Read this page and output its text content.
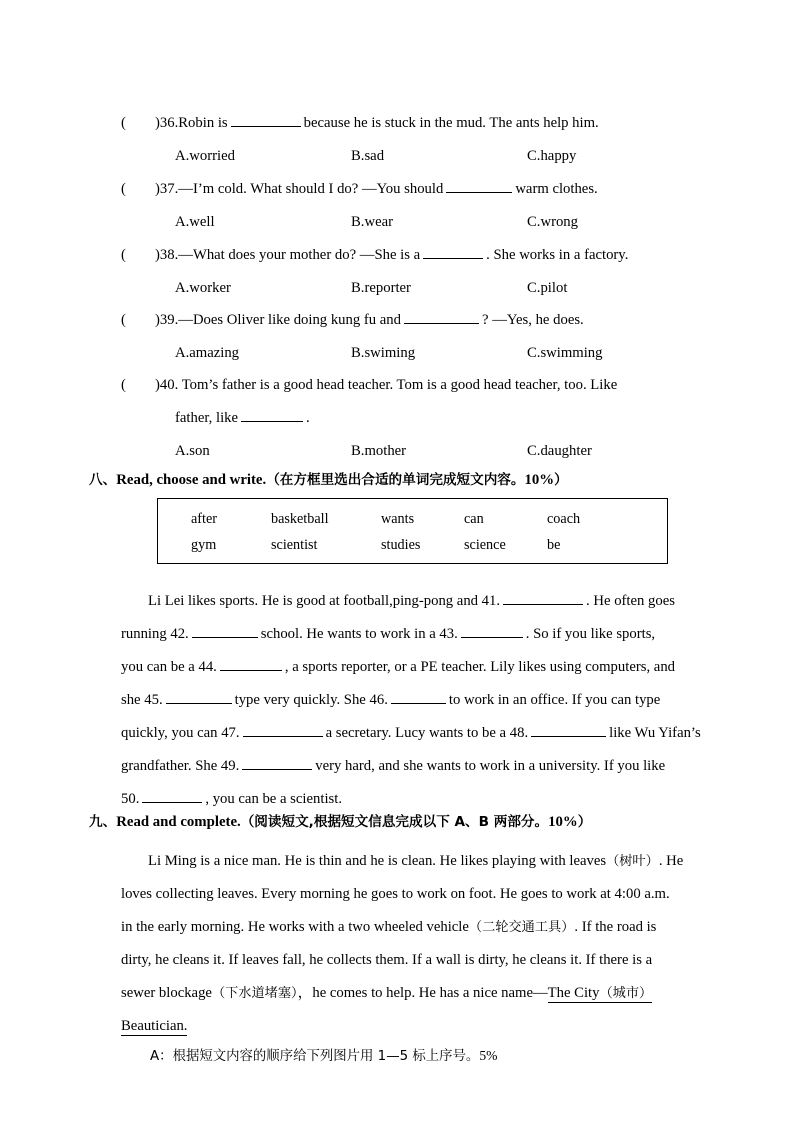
( )36.Robin is	because he is stuck in the mud. The ants help him.
A.worried	B.sad	C.happy
( )37.—I’m cold. What should I do? —You should	warm clothes.
A.well	B.wear	C.wrong
( )38.—What does your mother do? —She is a	. She works in a factory.
A.worker	B.reporter	C.pilot
( )39.—Does Oliver like doing kung fu and	? —Yes, he does.
A.amazing	B.swiming	C.swimming
( )40. Tom’s father is a good head teacher. Tom is a good head teacher, too. Like
father, like	.
A.son	B.mother	C.daughter
八、Read, choose and write.（在方框里选出合适的单词完成短文内容。10%）
after	basketball	wants	can	coach
gym	scientist	studies	science	be
Li Lei likes sports. He is good at football,ping-pong and 41.	. He often goes
running 42.	school. He wants to work in a 43.	. So if you like sports,
you can be a 44.	, a sports reporter, or a PE teacher. Lily likes using computers, and
she 45.	type very quickly. She 46.	to work in an office. If you can type
quickly, you can 47.	a secretary. Lucy wants to be a 48.	like Wu Yifan’s
grandfather. She 49.	very hard, and she wants to work in a university. If you like
50.	, you can be a scientist.
九、Read and complete.（阅读短文,根据短文信息完成以下 A、B 两部分。10%）
Li Ming is a nice man. He is thin and he is clean. He likes playing with leaves（树叶）. He
loves collecting leaves. Every morning he goes to work on foot. He goes to work at 4:00 a.m.
in the early morning. He works with a two wheeled vehicle（二轮交通工具）. If the road is
dirty, he cleans it. If leaves fall, he collects them. If a wall is dirty, he cleans it. If there is a
sewer blockage（下水道堵塞），he comes to help. He has a nice name—The City（城市）
Beautician.
A：根据短文内容的顺序给下列图片用 1—5 标上序号。5%
